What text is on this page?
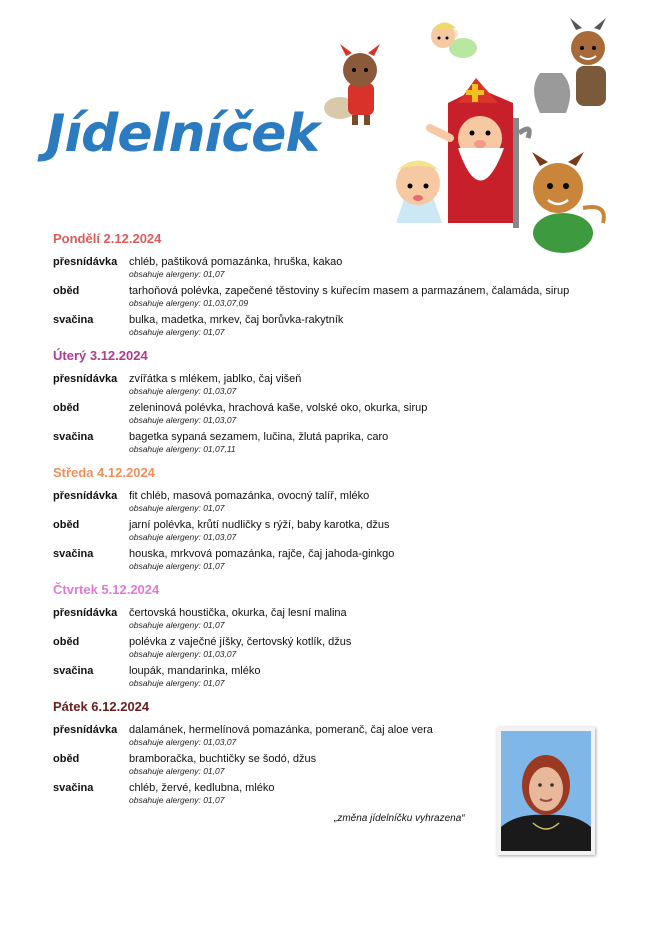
Jídelníček
Pondělí 2.12.2024
přesnídávka	chléb, paštiková pomazánka, hruška, kakao
obsahuje alergeny: 01,07
oběd	tarhoňová polévka, zapečené těstoviny s kuřecím masem a parmazánem, čalamáda, sirup
obsahuje alergeny: 01,03,07,09
svačina	bulka, madetka, mrkev, čaj borůvka-rakytník
obsahuje alergeny: 01,07
Úterý 3.12.2024
přesnídávka	zvířátka s mlékem, jablko, čaj višeň
obsahuje alergeny: 01,03,07
oběd	zeleninová polévka, hrachová kaše, volské oko, okurka, sirup
obsahuje alergeny: 01,03,07
svačina	bagetka sypaná sezamem, lučina, žlutá paprika, caro
obsahuje alergeny: 01,07,11
Středa 4.12.2024
přesnídávka	fit chléb, masová pomazánka, ovocný talíř, mléko
obsahuje alergeny: 01,07
oběd	jarní polévka, krůtí nudličky s rýží, baby karotka, džus
obsahuje alergeny: 01,03,07
svačina	houska, mrkvová pomazánka, rajče, čaj jahoda-ginkgo
obsahuje alergeny: 01,07
Čtvrtek 5.12.2024
přesnídávka	čertovská houstička, okurka, čaj lesní malina
obsahuje alergeny: 01,07
oběd	polévka z vaječné jíšky, čertovský kotlík, džus
obsahuje alergeny: 01,03,07
svačina	loupák, mandarinka, mléko
obsahuje alergeny: 01,07
Pátek 6.12.2024
přesnídávka	dalamánek, hermelínová pomazánka, pomeranč, čaj aloe vera
obsahuje alergeny: 01,03,07
oběd	bramboračka, buchtičky se šodó, džus
obsahuje alergeny: 01,07
svačina	chléb, žervé, kedlubna, mléko
obsahuje alergeny: 01,07
„změna jídelníčku vyhrazena“
